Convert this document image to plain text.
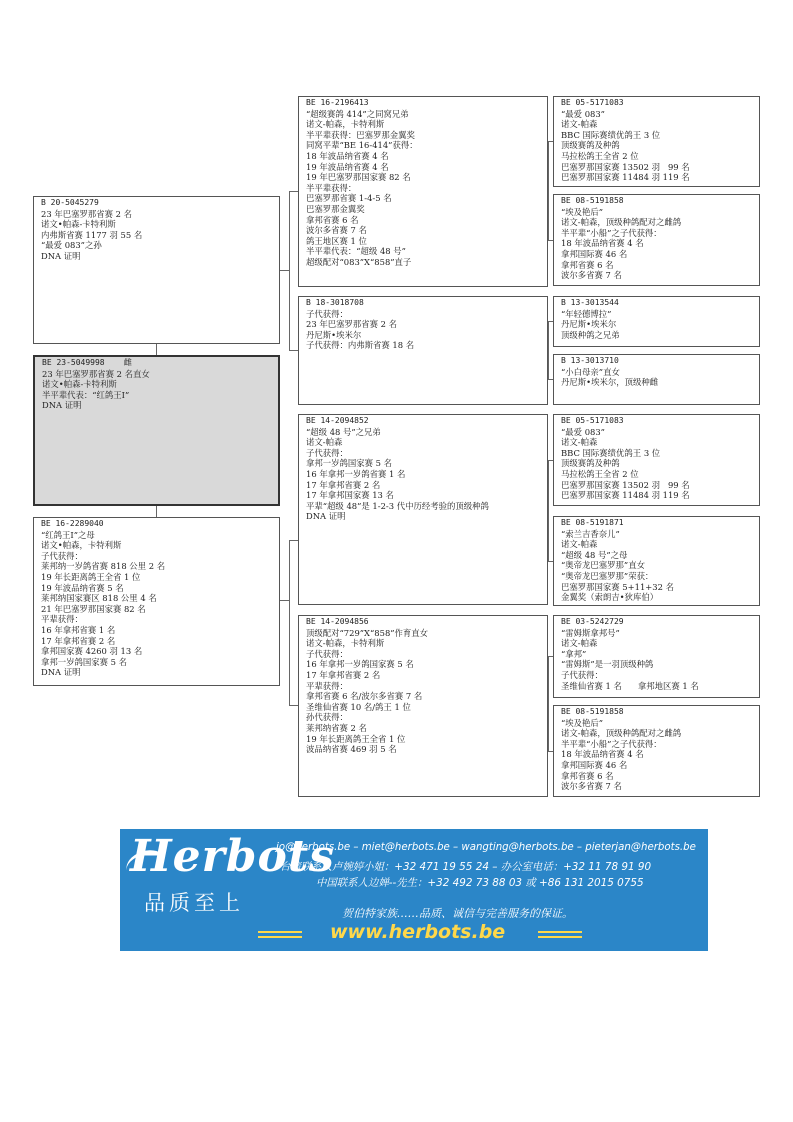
B 20-5045279
23 年巴塞罗那省赛 2 名
诺文•帕森-卡特利斯
内弗斯省赛 1177 羽 55 名
“最爱 083”之孙
DNA 证明
BE 23-5049998    雌
23 年巴塞罗那省赛 2 名直女
诺文•帕森-卡特利斯
半平辈代表：“红鸽王Ⅰ”
DNA 证明
BE 16-2289040
“红鸽王Ⅰ”之母
诺文•帕森，卡特利斯
子代获得：
莱邦纳一岁鸽省赛 818 公里 2 名
19 年长距离鸽王全省 1 位
19 年波品纳省赛 5 名
莱邦纳国家赛区 818 公里 4 名
21 年巴塞罗那国家赛 82 名
平辈获得：
16 年拿邦省赛 1 名
17 年拿邦省赛 2 名
拿邦国家赛 4260 羽 13 名
拿邦一岁鸽国家赛 5 名
DNA 证明
BE 16-2196413
“超级赛鸽 414”之同窝兄弟
诺文-帕森，卡特利斯
半平辈获得：巴塞罗那金翼奖
同窝平辈“BE 16-414”获得：
18 年波品纳省赛 4 名
19 年波品纳省赛 4 名
19 年巴塞罗那国家赛 82 名
半平辈获得：
巴塞罗那省赛 1-4-5 名
巴塞罗那金翼奖
拿邦省赛 6 名
波尔多省赛 7 名
鸽王地区赛 1 位
半平辈代表：“超级 48 号”
超级配对“083”X“858”直子
B 18-3018708
子代获得：
23 年巴塞罗那省赛 2 名
丹尼斯•埃米尔
子代获得：内弗斯省赛 18 名
BE 14-2094852
“超级 48 号”之兄弟
诺文-帕森
子代获得：
拿邦一岁鸽国家赛 5 名
16 年拿邦一岁鸽省赛 1 名
17 年拿邦省赛 2 名
17 年拿邦国家赛 13 名
平辈“超级 48”是 1-2-3 代中历经考验的顶级种鸽
DNA 证明
BE 14-2094856
顶级配对“729”X“858”作育直女
诺文-帕森，卡特利斯
子代获得：
16 年拿邦一岁鸽国家赛 5 名
17 年拿邦省赛 2 名
平辈获得：
拿邦省赛 6 名/波尔多省赛 7 名
圣维仙省赛 10 名/鸽王 1 位
孙代获得：
莱邦纳省赛 2 名
19 年长距离鸽王全省 1 位
波品纳省赛 469 羽 5 名
BE 05-5171083
“最爱 083”
诺文-帕森
BBC 国际赛绩优鸽王 3 位
顶级赛鸽及种鸽
马拉松鸽王全省 2 位
巴塞罗那国家赛 13502 羽   99 名
巴塞罗那国家赛 11484 羽 119 名
BE 08-5191858
“埃及艳后”
诺文-帕森，顶级种鸽配对之雌鸽
半平辈“小船”之子代获得：
18 年波品纳省赛 4 名
拿邦国际赛 46 名
拿邦省赛 6 名
波尔多省赛 7 名
B 13-3013544
“年轻德博拉”
丹尼斯•埃米尔
顶级种鸽之兄弟
B 13-3013710
“小白母亲”直女
丹尼斯•埃米尔，顶级种雌
BE 05-5171083
“最爱 083”
诺文-帕森
BBC 国际赛绩优鸽王 3 位
顶级赛鸽及种鸽
马拉松鸽王全省 2 位
巴塞罗那国家赛 13502 羽   99 名
巴塞罗那国家赛 11484 羽 119 名
BE 08-5191871
“索兰吉香奈儿”
诺文-帕森
“超级 48 号”之母
“奥帝龙巴塞罗那”直女
“奥帝龙巴塞罗那”荣获：
巴塞罗那国家赛 5+11+32 名
金翼奖（索朗吉•狄库伯）
BE 03-5242729
“雷姆斯拿邦号”
诺文-帕森
“拿邦”
“雷姆斯”是一羽顶级种鸽
子代获得：
圣维仙省赛 1 名      拿邦地区赛 1 名
BE 08-5191858
“埃及艳后”
诺文-帕森，顶级种鸽配对之雌鸽
半平辈“小船”之子代获得：
18 年波品纳省赛 4 名
拿邦国际赛 46 名
拿邦省赛 6 名
波尔多省赛 7 名
Herbots
品质至上
jo@herbots.be – miet@herbots.be – wangting@herbots.be – pieterjan@herbots.be
台湾联系人卢婉婷小姐：+32 471 19 55 24 – 办公室电话：+32 11 78 91 90
中国联系人边婵--先生：+32 492 73 88 03 或 +86 131 2015 0755
贺伯特家族……品质、诚信与完善服务的保证。
www.herbots.be
